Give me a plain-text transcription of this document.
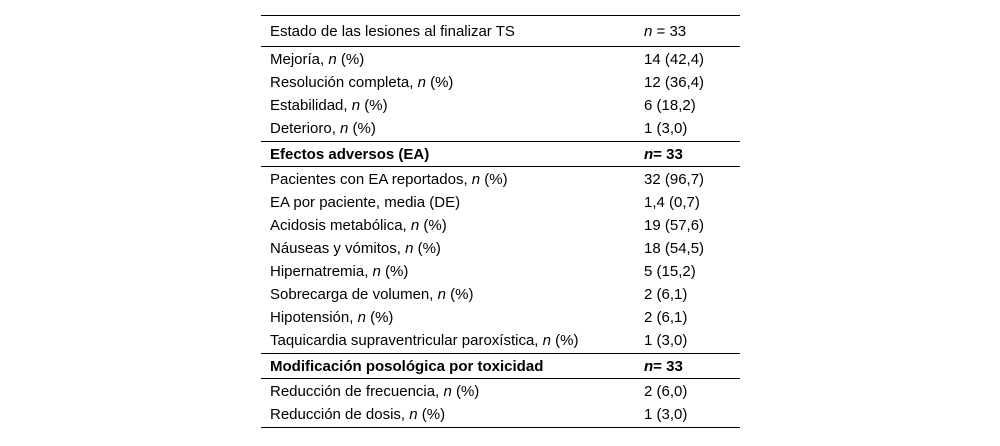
Estado de las lesiones al finalizar TS	n = 33
Mejoría, n (%)	14 (42,4)
Resolución completa, n (%)	12 (36,4)
Estabilidad, n (%)	6 (18,2)
Deterioro, n (%)	1 (3,0)
Efectos adversos (EA)	n= 33
Pacientes con EA reportados, n (%)	32 (96,7)
EA por paciente, media (DE)	1,4 (0,7)
Acidosis metabólica, n (%)	19 (57,6)
Náuseas y vómitos, n (%)	18 (54,5)
Hipernatremia, n (%)	5 (15,2)
Sobrecarga de volumen, n (%)	2 (6,1)
Hipotensión, n (%)	2 (6,1)
Taquicardia supraventricular paroxística, n (%)	1 (3,0)
Modificación posológica por toxicidad	n= 33
Reducción de frecuencia, n (%)	2 (6,0)
Reducción de dosis, n (%)	1 (3,0)
